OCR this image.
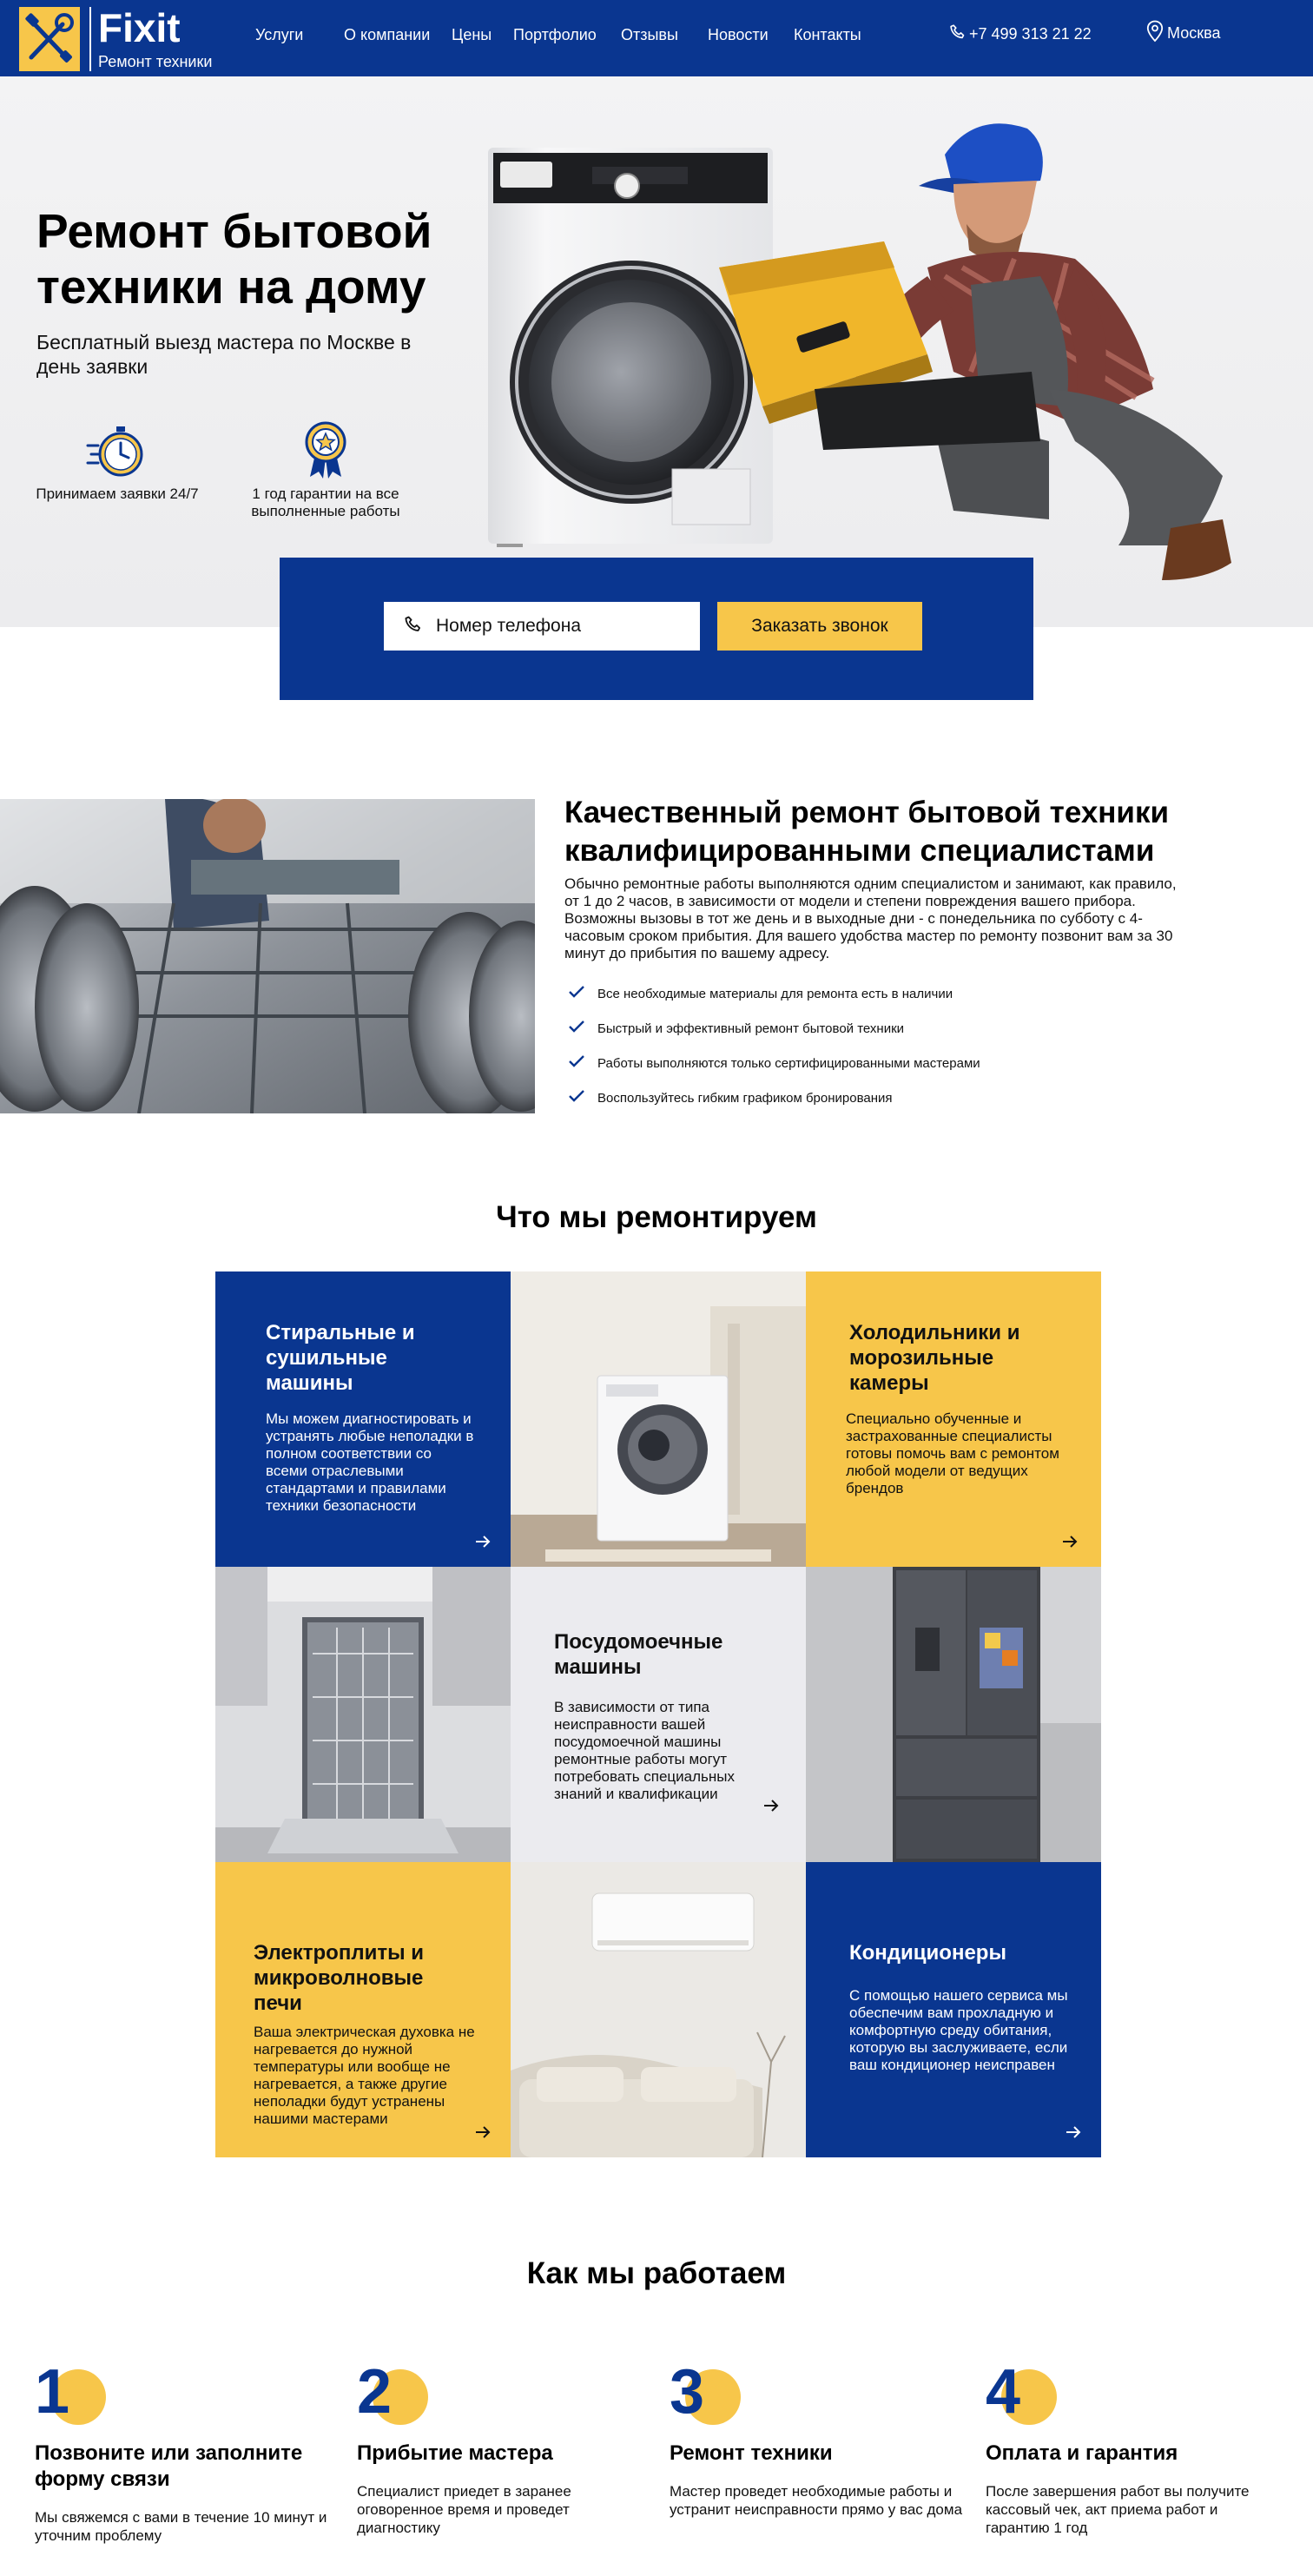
Fixit
Ремонт техники
Услуги	О компании Цены Портфолио Отзывы Новости Контакты	+7 499 313 21 22	Москва
Ремонт бытовой техники на дому
Бесплатный выезд мастера по Москве в день заявки
Принимаем заявки 24/7	1 год гарантии на все выполненные работы
Номер телефона
Заказать звонок
Качественный ремонт бытовой техники квалифицированными специалистами
Обычно ремонтные работы выполняются одним специалистом и занимают, как правило, от 1 до 2 часов, в зависимости от модели и степени повреждения вашего прибора. Возможны вызовы в тот же день и в выходные дни - с понедельника по субботу с 4-часовым сроком прибытия. Для вашего удобства мастер по ремонту позвонит вам за 30 минут до прибытия по вашему адресу.
Все необходимые материалы для ремонта есть в наличии
Быстрый и эффективный ремонт бытовой техники
Работы выполняются только сертифицированными мастерами
Воспользуйтесь гибким графиком бронирования
Что мы ремонтируем
Стиральные и сушильные машины
Мы можем диагностировать и устранять любые неполадки в полном соответствии со всеми отраслевыми стандартами и правилами техники безопасности
Холодильники и морозильные камеры
Специально обученные и застрахованные специалисты готовы помочь вам с ремонтом любой модели от ведущих брендов
Посудомоечные машины
В зависимости от типа неисправности вашей посудомоечной машины ремонтные работы могут потребовать специальных знаний и квалификации
Электроплиты и микроволновые печи
Ваша электрическая духовка не нагревается до нужной температуры или вообще не нагревается, а также другие неполадки будут устранены нашими мастерами
Кондиционеры
С помощью нашего сервиса мы обеспечим вам прохладную и комфортную среду обитания, которую вы заслуживаете, если ваш кондиционер неисправен
Как мы работаем
1
Позвоните или заполните форму связи
Мы свяжемся с вами в течение 10 минут и уточним проблему
2
Прибытие мастера
Специалист приедет в заранее оговоренное время и проведет диагностику
3
Ремонт техники
Мастер проведет необходимые работы и устранит неисправности прямо у вас дома
4
Оплата и гарантия
После завершения работ вы получите кассовый чек, акт приема работ и гарантию 1 год
